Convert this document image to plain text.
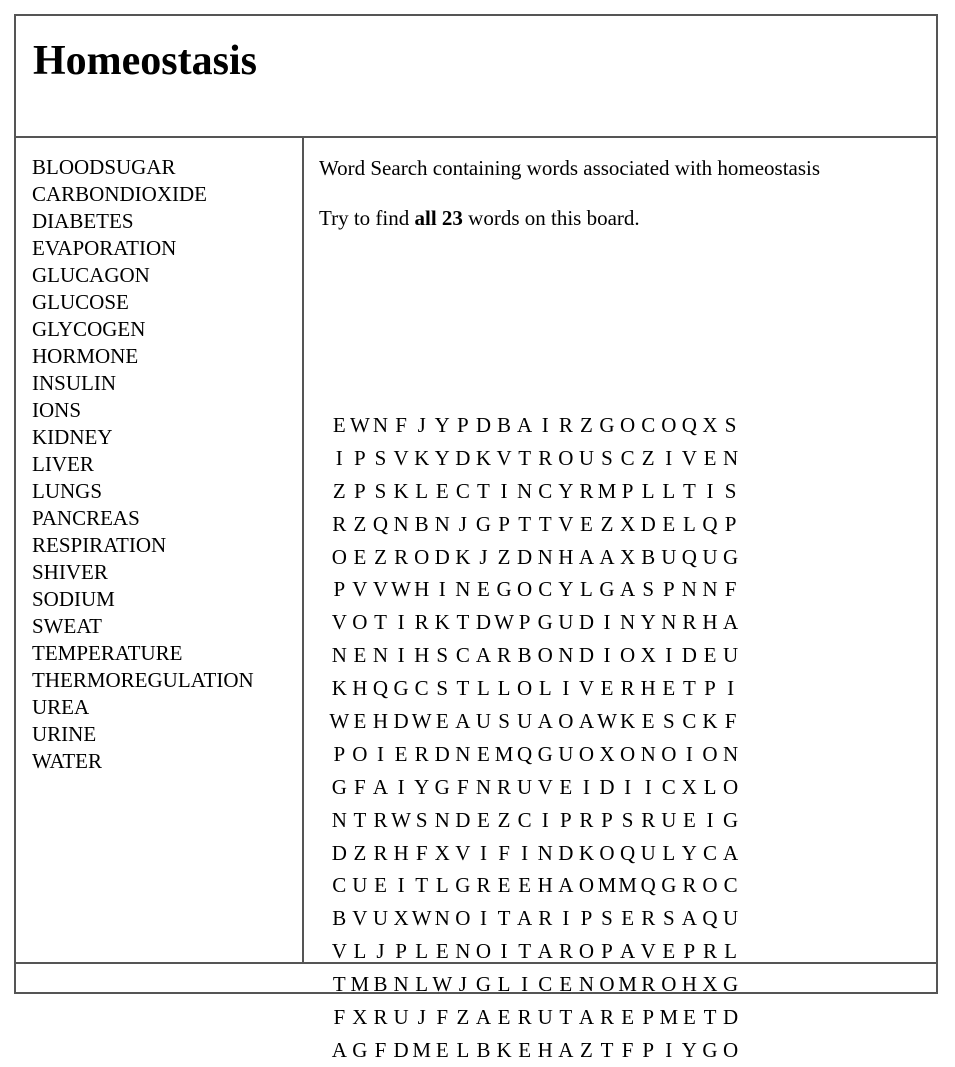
Homeostasis
BLOODSUGAR
CARBONDIOXIDE
DIABETES
EVAPORATION
GLUCAGON
GLUCOSE
GLYCOGEN
HORMONE
INSULIN
IONS
KIDNEY
LIVER
LUNGS
PANCREAS
RESPIRATION
SHIVER
SODIUM
SWEAT
TEMPERATURE
THERMOREGULATION
UREA
URINE
WATER

Word Search containing words associated with homeostasis

Try to find all 23 words on this board.

E	W	N	F	J	Y	P	D	B	A	I	R	Z	G	O	C	O	Q	X	S
I	P	S	V	K	Y	D	K	V	T	R	O	U	S	C	Z	I	V	E	N
Z	P	S	K	L	E	C	T	I	N	C	Y	R	M	P	L	L	T	I	S
R	Z	Q	N	B	N	J	G	P	T	T	V	E	Z	X	D	E	L	Q	P
O	E	Z	R	O	D	K	J	Z	D	N	H	A	A	X	B	U	Q	U	G
P	V	V	W	H	I	N	E	G	O	C	Y	L	G	A	S	P	N	N	F
V	O	T	I	R	K	T	D	W	P	G	U	D	I	N	Y	N	R	H	A
N	E	N	I	H	S	C	A	R	B	O	N	D	I	O	X	I	D	E	U
K	H	Q	G	C	S	T	L	L	O	L	I	V	E	R	H	E	T	P	I
W	E	H	D	W	E	A	U	S	U	A	O	A	W	K	E	S	C	K	F
P	O	I	E	R	D	N	E	M	Q	G	U	O	X	O	N	O	I	O	N
G	F	A	I	Y	G	F	N	R	U	V	E	I	D	I	I	C	X	L	O
N	T	R	W	S	N	D	E	Z	C	I	P	R	P	S	R	U	E	I	G
D	Z	R	H	F	X	V	I	F	I	N	D	K	O	Q	U	L	Y	C	A
C	U	E	I	T	L	G	R	E	E	H	A	O	M	M	Q	G	R	O	C
B	V	U	X	W	N	O	I	T	A	R	I	P	S	E	R	S	A	Q	U
V	L	J	P	L	E	N	O	I	T	A	R	O	P	A	V	E	P	R	L
T	M	B	N	L	W	J	G	L	I	C	E	N	O	M	R	O	H	X	G
F	X	R	U	J	F	Z	A	E	R	U	T	A	R	E	P	M	E	T	D
A	G	F	D	M	E	L	B	K	E	H	A	Z	T	F	P	I	Y	G	O
